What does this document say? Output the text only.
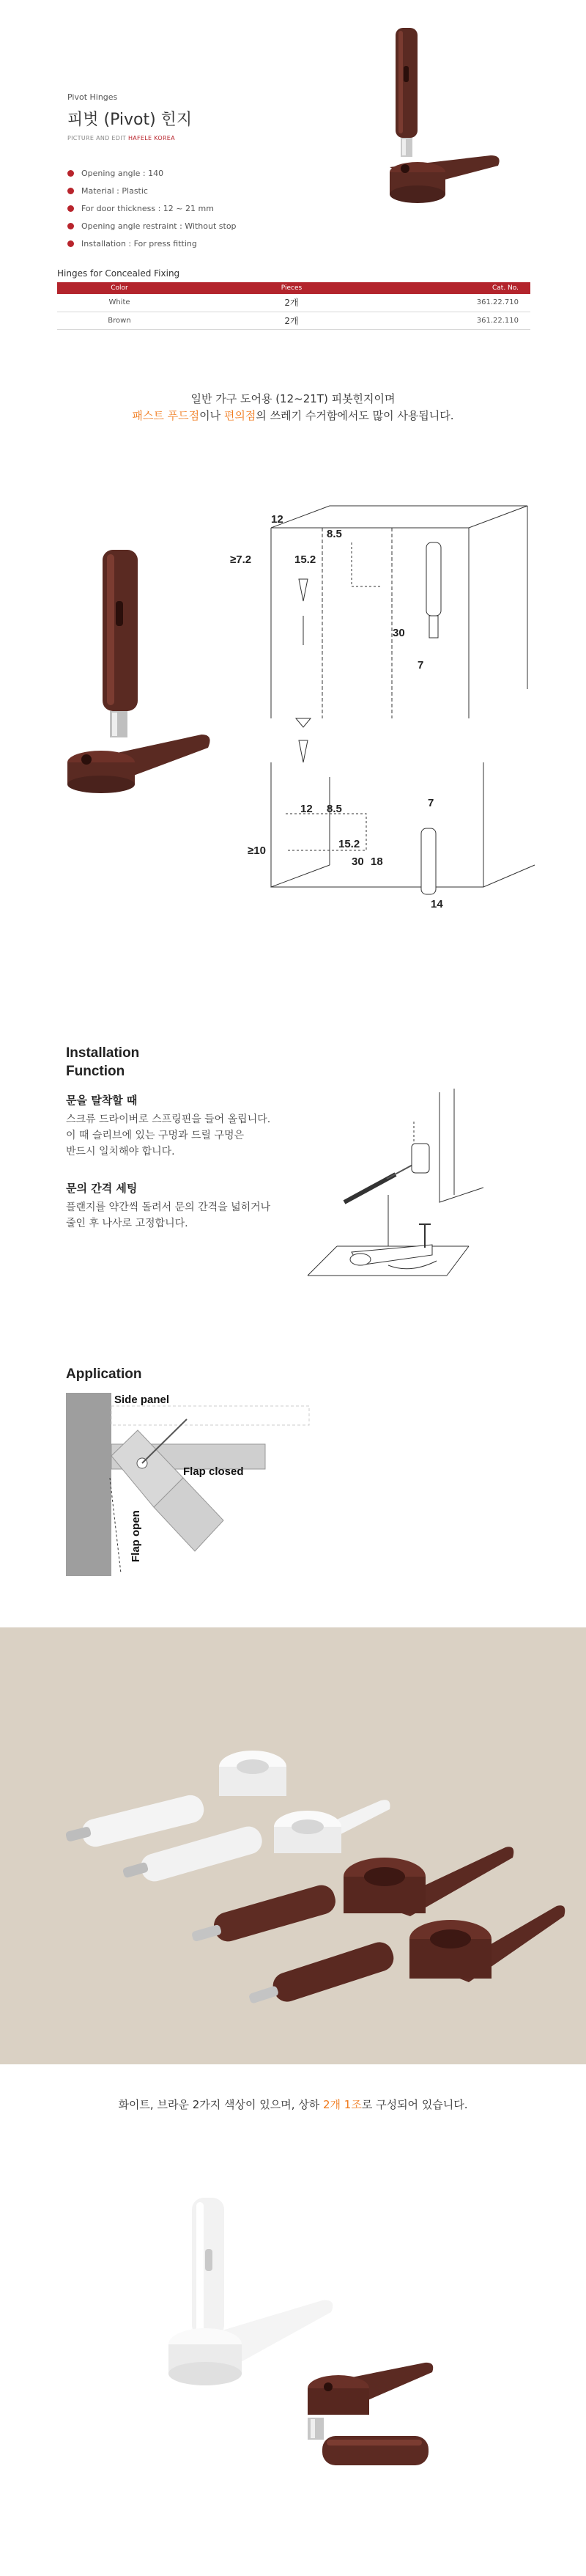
Pivot Hinges
피벗 (Pivot) 힌지
PICTURE AND EDIT HAFELE KOREA
Opening angle : 140
Material : Plastic
For door thickness : 12 ~ 21 mm
Opening angle restraint : Without stop
Installation : For press fitting
Hinges for Concealed Fixing
Color	Pieces	Cat. No.
White	2개	361.22.710
Brown	2개	361.22.110
일반 가구 도어용 (12~21T) 피봇힌지이며
패스트 푸드점이나 편의점의 쓰레기 수거함에서도 많이 사용됩니다.
12
8.5
≥7.2	15.2
30
7
12 8.5	7
≥10
15.2
30 18
14
Installation
Function
문을 탈착할 때
스크류 드라이버로 스프링핀을 들어 올립니다.
이 때 슬리브에 있는 구멍과 드릴 구멍은
반드시 일치해야 합니다.
문의 간격 세팅
플랜지를 약간씩 돌려서 문의 간격을 넓히거나
줄인 후 나사로 고정합니다.
Application
Side panel
Flap closed
Flap open
화이트, 브라운 2가지 색상이 있으며, 상하 2개 1조로 구성되어 있습니다.
